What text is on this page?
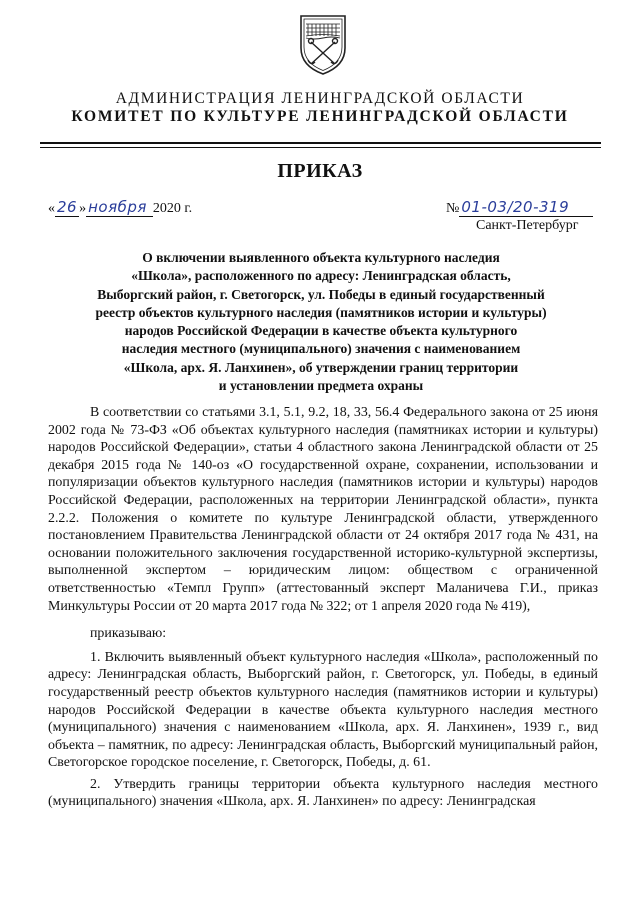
АДМИНИСТРАЦИЯ ЛЕНИНГРАДСКОЙ ОБЛАСТИ
КОМИТЕТ ПО КУЛЬТУРЕ ЛЕНИНГРАДСКОЙ ОБЛАСТИ
ПРИКАЗ
« 26 » ноября 2020 г.	№ 01-03/20-319
Санкт-Петербург
О включении выявленного объекта культурного наследия
«Школа», расположенного по адресу: Ленинградская область,
Выборгский район, г. Светогорск, ул. Победы в единый государственный
реестр объектов культурного наследия (памятников истории и культуры)
народов Российской Федерации в качестве объекта культурного
наследия местного (муниципального) значения с наименованием
«Школа, арх. Я. Ланхинен», об утверждении границ территории
и установлении предмета охраны

В соответствии со статьями 3.1, 5.1, 9.2, 18, 33, 56.4 Федерального закона от 25 июня 2002 года № 73-ФЗ «Об объектах культурного наследия (памятниках истории и культуры) народов Российской Федерации», статьи 4 областного закона Ленинградской области от 25 декабря 2015 года № 140-оз «О государственной охране, сохранении, использовании и популяризации объектов культурного наследия (памятников истории и культуры) народов Российской Федерации, расположенных на территории Ленинградской области», пункта 2.2.2. Положения о комитете по культуре Ленинградской области, утвержденного постановлением Правительства Ленинградской области от 24 октября 2017 года № 431, на основании положительного заключения государственной историко-культурной экспертизы, выполненной экспертом – юридическим лицом: обществом с ограниченной ответственностью «Темпл Групп» (аттестованный эксперт Маланичева Г.И., приказ Минкультуры России от 20 марта 2017 года № 322; от 1 апреля 2020 года № 419),

приказываю:

1. Включить выявленный объект культурного наследия «Школа», расположенный по адресу: Ленинградская область, Выборгский район, г. Светогорск, ул. Победы, в единый государственный реестр объектов культурного наследия (памятников истории и культуры) народов Российской Федерации в качестве объекта культурного наследия местного (муниципального) значения с наименованием «Школа, арх. Я. Ланхинен», 1939 г., вид объекта – памятник, по адресу: Ленинградская область, Выборгский муниципальный район, Светогорское городское поселение, г. Светогорск, Победы, д. 61.

2. Утвердить границы территории объекта культурного наследия местного (муниципального) значения «Школа, арх. Я. Ланхинен» по адресу: Ленинградская
